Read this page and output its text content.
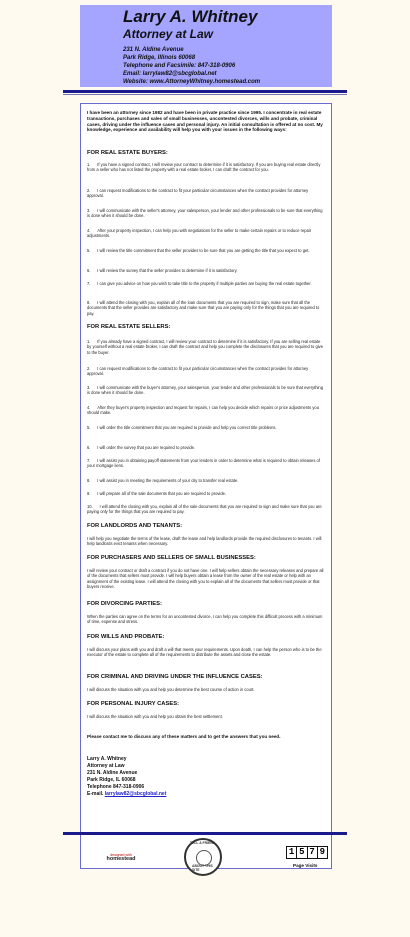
Larry A. Whitney
Attorney at Law
231 N. Aldine Avenue
Park Ridge, Illinois 60068
Telephone and Facsimile: 847-318-0906
Email: larrylaw82@sbcglobal.net
Website: www.AttorneyWhitney.homestead.com
I have been an attorney since 1982 and have been in private practice since 1995. I concentrate in real estate transactions, purchases and sales of small businesses, uncontested divorces, wills and probate, criminal cases, driving under the influence cases and personal injury. An initial consultation is offered at no cost. My knowledge, experience and availability will help you with your issues in the following ways:
FOR REAL ESTATE BUYERS:
1.      If you have a signed contract, I will review your contract to determine if it is satisfactory. If you are buying real estate directly from a seller who has not listed the property with a real estate broker, I can draft the contract for you.
2.      I can request modifications to the contract to fit your particular circumstances when the contract provides for attorney approval.
3.      I will communicate with the seller's attorney, your salesperson, your lender and other professionals to be sure that everything is done when it should be done.
4.      After your property inspection, I can help you with negotiations for the seller to make certain repairs or to reduce repair adjustments.
5.      I will review the title commitment that the seller provides to be sure that you are getting the title that you expect to get.
6.      I will review the survey that the seller provides to determine if it is satisfactory.
7.      I can give you advice on how you wish to take title to the property if multiple parties are buying the real estate together.
8.      I will attend the closing with you, explain all of the loan documents that you are required to sign, make sure that all the documents that the seller provides are satisfactory and make sure that you are paying only for the things that you are required to pay.
FOR REAL ESTATE SELLERS:
1.      If you already have a signed contract, I will review your contract to determine if it is satisfactory. If you are selling real estate by yourself without a real estate broker, I can draft the contract and help you complete the disclosures that you are required to give to the buyer.
2.      I can request modifications to the contract to fit your particular circumstances when the contract provides for attorney approval.
3.      I will communicate with the buyer's attorney, your salesperson, your lender and other professionals to be sure that everything is done when it should be done.
4.      After they buyer's property inspection and request for repairs, I can help you decide which repairs or price adjustments you should make.
5.      I will order the title commitment that you are required to provide and help you correct title problems.
6.      I will order the survey that you are required to provide.
7.      I will assist you in obtaining payoff statements from your lenders in order to determine what is required to obtain releases of your mortgage liens.
8.      I will assist you in meeting the requirements of your city to transfer real estate.
9.      I will prepare all of the sale documents that you are required to provide.
10.      I will attend the closing with you, explain all of the sale documents that you are required to sign and make sure that you are paying only for the things that you are required to pay.
FOR LANDLORDS AND TENANTS:
I will help you negotiate the terms of the lease, draft the lease and help landlords provide the required disclosures to tenants. I will help landlords evict tenants when necessary.
FOR PURCHASERS AND SELLERS OF SMALL BUSINESSES:
I will review your contract or draft a contract if you do not have one. I will help sellers obtain the necessary releases and prepare all of the documents that sellers must provide. I will help buyers obtain a lease from the owner of the real estate or help with an assignment of the existing lease. I will attend the closing with you to explain all of the documents that sellers must provide or that buyers receive.
FOR DIVORCING PARTIES:
When the parties can agree on the terms for an uncontested divorce, I can help you complete this difficult process with a minimum of time, expense and stress.
FOR WILLS AND PROBATE:
I will discuss your plans with you and draft a will that meets your requirements. Upon death, I can help the person who is to be the executor of the estate to complete all of the requirements to distribute the assets and close the estate.
FOR CRIMINAL AND DRIVING UNDER THE INFLUENCE CASES:
I will discuss the situation with you and help you determine the best course of action in court.
FOR PERSONAL INJURY CASES:
I will discuss the situation with you and help you obtain the best settlement.
Please contact me to discuss any of these matters and to get the answers that you need.
Larry A. Whitney
Attorney at Law
231 N. Aldine Avenue
Park Ridge, IL 60068
Telephone 847-318-0906
E-mail. larrylaw82@sbcglobal.net
designed with
homestead
TELL A FRIEND
ABOUT THIS SITE
1 5 7 9
Page Visits
